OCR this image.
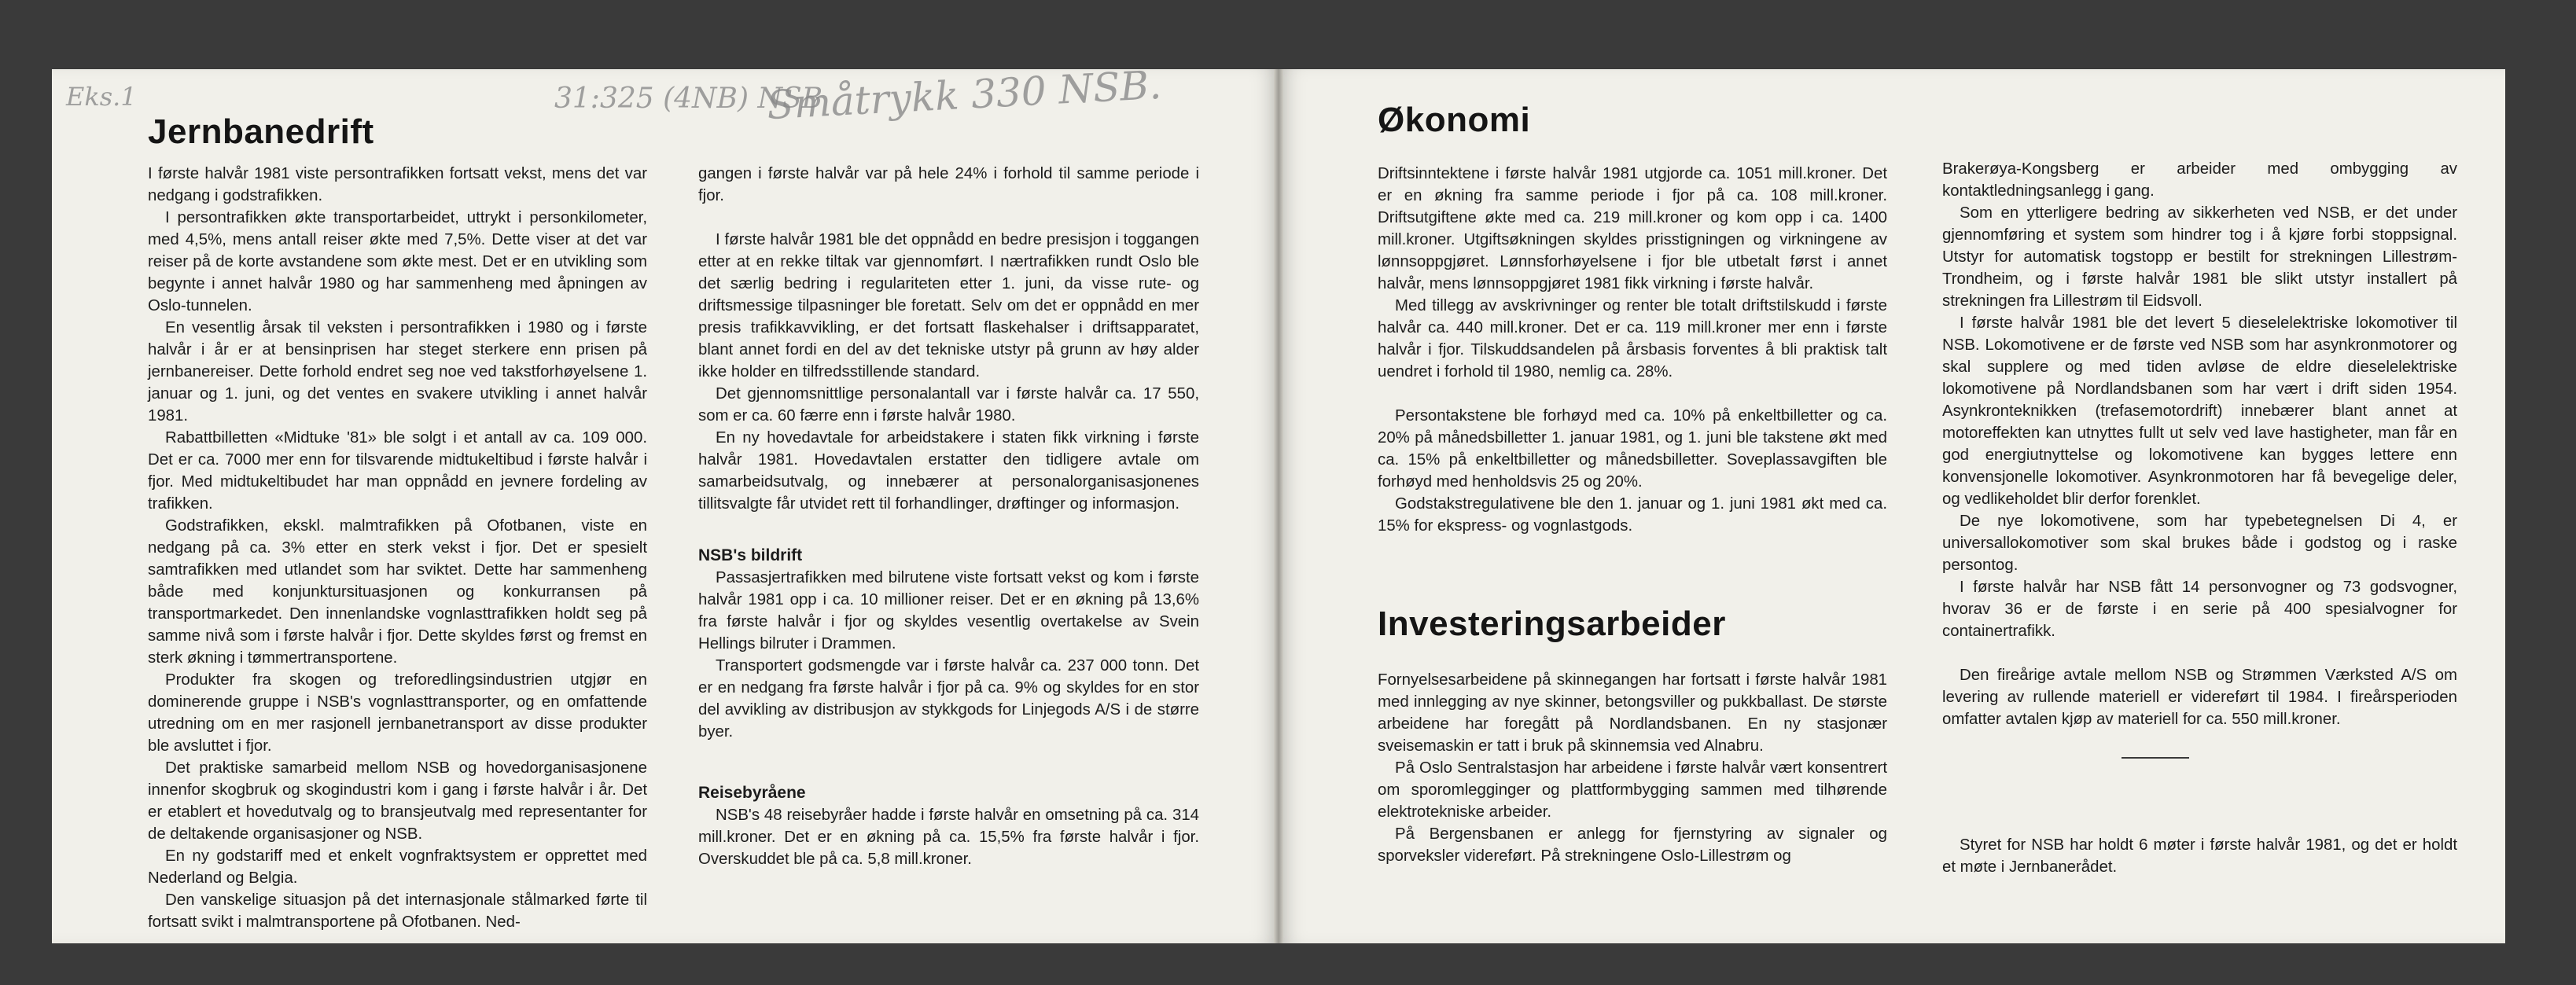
Eks.1	31:325 (4NB) NSB
Småtrykk 330 NSB.
Jernbanedrift

I første halvår 1981 viste persontrafikken fortsatt vekst, mens det var nedgang i godstrafikken.

I persontrafikken økte transportarbeidet, uttrykt i personkilometer, med 4,5%, mens antall reiser økte med 7,5%. Dette viser at det var reiser på de korte avstandene som økte mest. Det er en utvikling som begynte i annet halvår 1980 og har sammenheng med åpningen av Oslo-tunnelen.

En vesentlig årsak til veksten i persontrafikken i 1980 og i første halvår i år er at bensinprisen har steget sterkere enn prisen på jernbanereiser. Dette forhold endret seg noe ved takstforhøyelsene 1. januar og 1. juni, og det ventes en svakere utvikling i annet halvår 1981.

Rabattbilletten «Midtuke '81» ble solgt i et antall av ca. 109 000. Det er ca. 7000 mer enn for tilsvarende midtukeltibud i første halvår i fjor. Med midtukeltibudet har man oppnådd en jevnere fordeling av trafikken.

Godstrafikken, ekskl. malmtrafikken på Ofotbanen, viste en nedgang på ca. 3% etter en sterk vekst i fjor. Det er spesielt samtrafikken med utlandet som har sviktet. Dette har sammenheng både med konjunktursituasjonen og konkurransen på transportmarkedet. Den innenlandske vognlasttrafikken holdt seg på samme nivå som i første halvår i fjor. Dette skyldes først og fremst en sterk økning i tømmertransportene.

Produkter fra skogen og treforedlingsindustrien utgjør en dominerende gruppe i NSB's vognlasttransporter, og en omfattende utredning om en mer rasjonell jernbanetransport av disse produkter ble avsluttet i fjor.

Det praktiske samarbeid mellom NSB og hovedorganisasjonene innenfor skogbruk og skogindustri kom i gang i første halvår i år. Det er etablert et hovedutvalg og to bransjeutvalg med representanter for de deltakende organisasjoner og NSB.

En ny godstariff med et enkelt vognfraktsystem er opprettet med Nederland og Belgia.

Den vanskelige situasjon på det internasjonale stålmarked førte til fortsatt svikt i malmtransportene på Ofotbanen. Ned-

gangen i første halvår var på hele 24% i forhold til samme periode i fjor.

I første halvår 1981 ble det oppnådd en bedre presisjon i toggangen etter at en rekke tiltak var gjennomført. I nærtrafikken rundt Oslo ble det særlig bedring i regulariteten etter 1. juni, da visse rute- og driftsmessige tilpasninger ble foretatt. Selv om det er oppnådd en mer presis trafikkavvikling, er det fortsatt flaskehalser i driftsapparatet, blant annet fordi en del av det tekniske utstyr på grunn av høy alder ikke holder en tilfredsstillende standard.

Det gjennomsnittlige personalantall var i første halvår ca. 17 550, som er ca. 60 færre enn i første halvår 1980.

En ny hovedavtale for arbeidstakere i staten fikk virkning i første halvår 1981. Hovedavtalen erstatter den tidligere avtale om samarbeidsutvalg, og innebærer at personalorganisasjonenes tillitsvalgte får utvidet rett til forhandlinger, drøftinger og informasjon.

NSB's bildrift

Passasjertrafikken med bilrutene viste fortsatt vekst og kom i første halvår 1981 opp i ca. 10 millioner reiser. Det er en økning på 13,6% fra første halvår i fjor og skyldes vesentlig overtakelse av Svein Hellings bilruter i Drammen.

Transportert godsmengde var i første halvår ca. 237 000 tonn. Det er en nedgang fra første halvår i fjor på ca. 9% og skyldes for en stor del avvikling av distribusjon av stykkgods for Linjegods A/S i de større byer.

Reisebyråene

NSB's 48 reisebyråer hadde i første halvår en omsetning på ca. 314 mill.kroner. Det er en økning på ca. 15,5% fra første halvår i fjor. Overskuddet ble på ca. 5,8 mill.kroner.

Økonomi

Driftsinntektene i første halvår 1981 utgjorde ca. 1051 mill.kroner. Det er en økning fra samme periode i fjor på ca. 108 mill.kroner. Driftsutgiftene økte med ca. 219 mill.kroner og kom opp i ca. 1400 mill.kroner. Utgiftsøkningen skyldes prisstigningen og virkningene av lønnsoppgjøret. Lønnsforhøyelsene i fjor ble utbetalt først i annet halvår, mens lønnsoppgjøret 1981 fikk virkning i første halvår.

Med tillegg av avskrivninger og renter ble totalt driftstilskudd i første halvår ca. 440 mill.kroner. Det er ca. 119 mill.kroner mer enn i første halvår i fjor. Tilskuddsandelen på årsbasis forventes å bli praktisk talt uendret i forhold til 1980, nemlig ca. 28%.

Persontakstene ble forhøyd med ca. 10% på enkeltbilletter og ca. 20% på månedsbilletter 1. januar 1981, og 1. juni ble takstene økt med ca. 15% på enkeltbilletter og månedsbilletter. Soveplassavgiften ble forhøyd med henholdsvis 25 og 20%.

Godstakstregulativene ble den 1. januar og 1. juni 1981 økt med ca. 15% for ekspress- og vognlastgods.

Investeringsarbeider

Fornyelsesarbeidene på skinnegangen har fortsatt i første halvår 1981 med innlegging av nye skinner, betongsviller og pukkballast. De største arbeidene har foregått på Nordlandsbanen. En ny stasjonær sveisemaskin er tatt i bruk på skinnemsia ved Alnabru.

På Oslo Sentralstasjon har arbeidene i første halvår vært konsentrert om sporomlegginger og plattformbygging sammen med tilhørende elektrotekniske arbeider.

På Bergensbanen er anlegg for fjernstyring av signaler og sporveksler videreført. På strekningene Oslo-Lillestrøm og

Brakerøya-Kongsberg er arbeider med ombygging av kontaktledningsanlegg i gang.

Som en ytterligere bedring av sikkerheten ved NSB, er det under gjennomføring et system som hindrer tog i å kjøre forbi stoppsignal. Utstyr for automatisk togstopp er bestilt for strekningen Lillestrøm-Trondheim, og i første halvår 1981 ble slikt utstyr installert på strekningen fra Lillestrøm til Eidsvoll.

I første halvår 1981 ble det levert 5 dieselelektriske lokomotiver til NSB. Lokomotivene er de første ved NSB som har asynkronmotorer og skal supplere og med tiden avløse de eldre dieselelektriske lokomotivene på Nordlandsbanen som har vært i drift siden 1954. Asynkronteknikken (trefasemotordrift) innebærer blant annet at motoreffekten kan utnyttes fullt ut selv ved lave hastigheter, man får en god energiutnyttelse og lokomotivene kan bygges lettere enn konvensjonelle lokomotiver. Asynkronmotoren har få bevegelige deler, og vedlikeholdet blir derfor forenklet.

De nye lokomotivene, som har typebetegnelsen Di 4, er universallokomotiver som skal brukes både i godstog og i raske persontog.

I første halvår har NSB fått 14 personvogner og 73 godsvogner, hvorav 36 er de første i en serie på 400 spesialvogner for containertrafikk.

Den fireårige avtale mellom NSB og Strømmen Værksted A/S om levering av rullende materiell er videreført til 1984. I fireårsperioden omfatter avtalen kjøp av materiell for ca. 550 mill.kroner.

Styret for NSB har holdt 6 møter i første halvår 1981, og det er holdt et møte i Jernbanerådet.
